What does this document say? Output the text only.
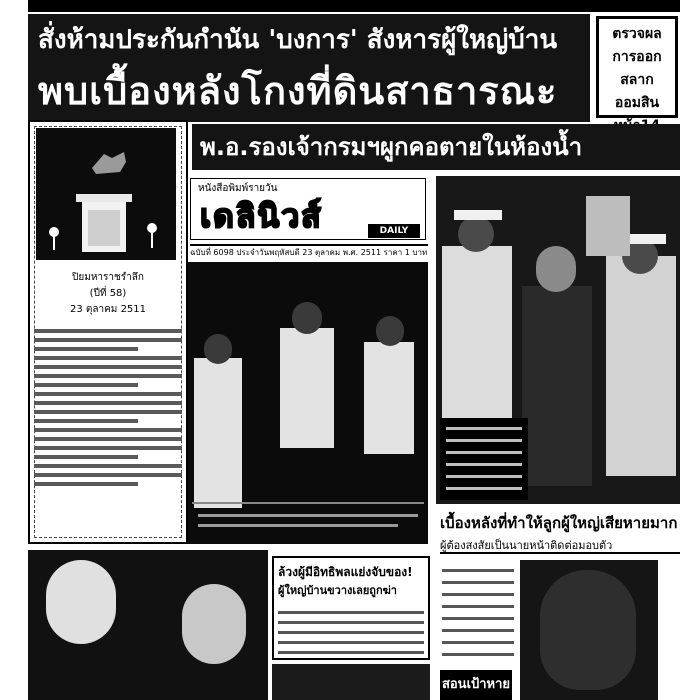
สั่งห้ามประกันกำนัน 'บงการ' สังหารผู้ใหญ่บ้าน
พบเบื้องหลังโกงที่ดินสาธารณะ
ตรวจผล
การออก
สลาก
ออมสิน
ปิยมหาราชรำลึก
(ปีที่ 58)
23 ตุลาคม 2511
พ.อ.รองเจ้ากรมฯผูกคอตายในห้องน้ำ
หนังสือพิมพ์รายวัน
เดลินิวส์	DAILY NEWS
ฉบับที่ 6098 ประจำวันพฤหัสบดี 23 ตุลาคม พ.ศ. 2511 ราคา 1 บาท
เบื้องหลังที่ทำให้ลูกผู้ใหญ่เสียหายมาก
ผู้ต้องสงสัยเป็นนายหน้าติดต่อมอบตัว
ล้วงผู้มีอิทธิพลแย่งจับของ!
ผู้ใหญ่บ้านขวางเลยถูกฆ่า
สอนเป้าหาย
